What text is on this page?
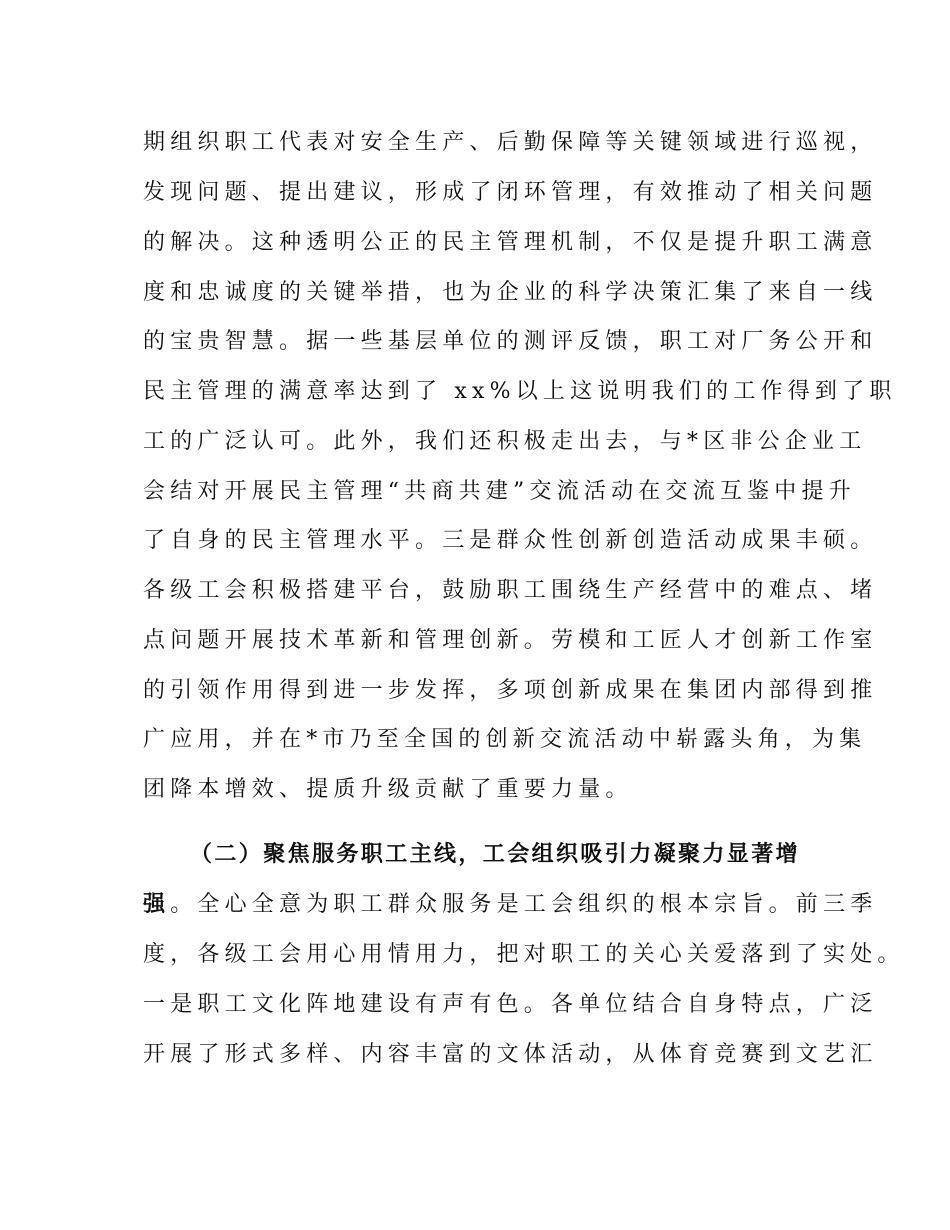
期组织职工代表对安全生产、后勤保障等关键领域进行巡视，
发现问题、提出建议，形成了闭环管理，有效推动了相关问题
的解决。这种透明公正的民主管理机制，不仅是提升职工满意
度和忠诚度的关键举措，也为企业的科学决策汇集了来自一线
的宝贵智慧。据一些基层单位的测评反馈，职工对厂务公开和
民主管理的满意率达到了 xx%以上这说明我们的工作得到了职
工的广泛认可。此外，我们还积极走出去，与*区非公企业工
会结对开展民主管理“共商共建”交流活动在交流互鉴中提升
了自身的民主管理水平。三是群众性创新创造活动成果丰硕。
各级工会积极搭建平台，鼓励职工围绕生产经营中的难点、堵
点问题开展技术革新和管理创新。劳模和工匠人才创新工作室
的引领作用得到进一步发挥，多项创新成果在集团内部得到推
广应用，并在*市乃至全国的创新交流活动中崭露头角，为集
团降本增效、提质升级贡献了重要力量。
（二）聚焦服务职工主线，工会组织吸引力凝聚力显著增
强。全心全意为职工群众服务是工会组织的根本宗旨。前三季
度，各级工会用心用情用力，把对职工的关心关爱落到了实处。
一是职工文化阵地建设有声有色。各单位结合自身特点，广泛
开展了形式多样、内容丰富的文体活动，从体育竞赛到文艺汇
